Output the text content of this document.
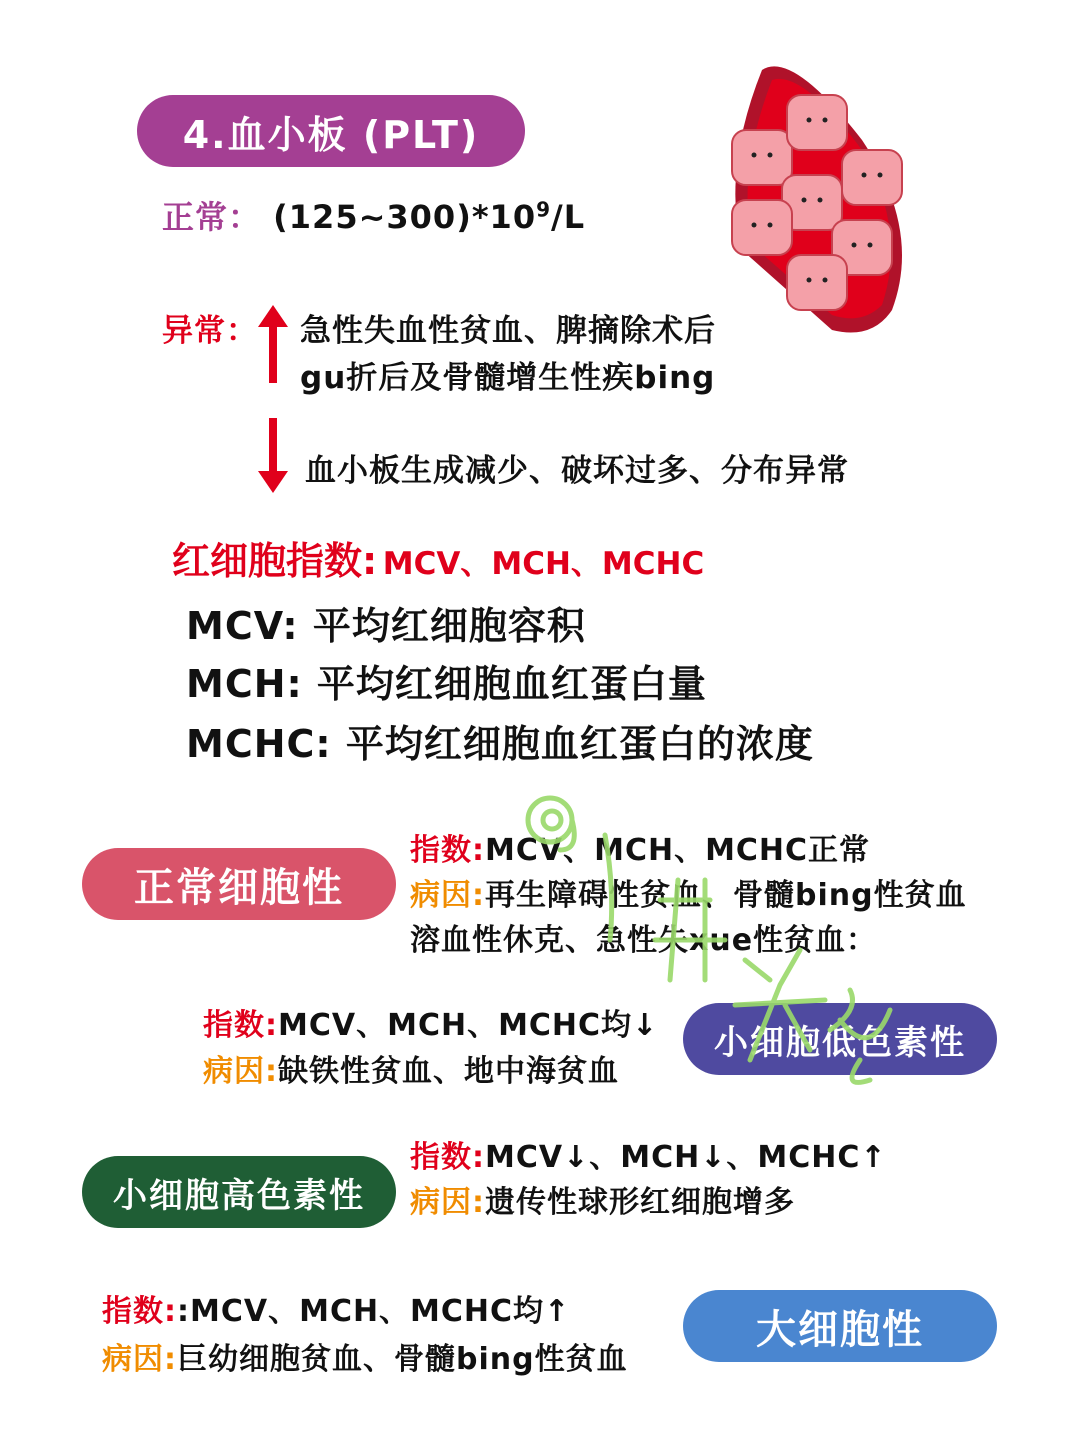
4.血小板 (PLT)
正常： $(125\sim 300)*10^9/L$
异常： 急性失血性贫血、脾摘除术后
gu折后及骨髓增生性疾bing
血小板生成减少、破坏过多、分布异常
红细胞指数: MCV、MCH、MCHC
MCV: 平均红细胞容积
MCH: 平均红细胞血红蛋白量
MCHC: 平均红细胞血红蛋白的浓度
正常细胞性
指数:MCV、MCH、MCHC正常
病因:再生障碍性贫血、骨髓bing性贫血
溶血性休克、急性失xue性贫血：
指数:MCV、MCH、MCHC均↓
病因:缺铁性贫血、地中海贫血
小细胞低色素性
指数:MCV↓、MCH↓、MCHC↑
病因:遗传性球形红细胞增多
小细胞高色素性
指数::MCV、MCH、MCHC均↑
病因:巨幼细胞贫血、骨髓bing性贫血
大细胞性
